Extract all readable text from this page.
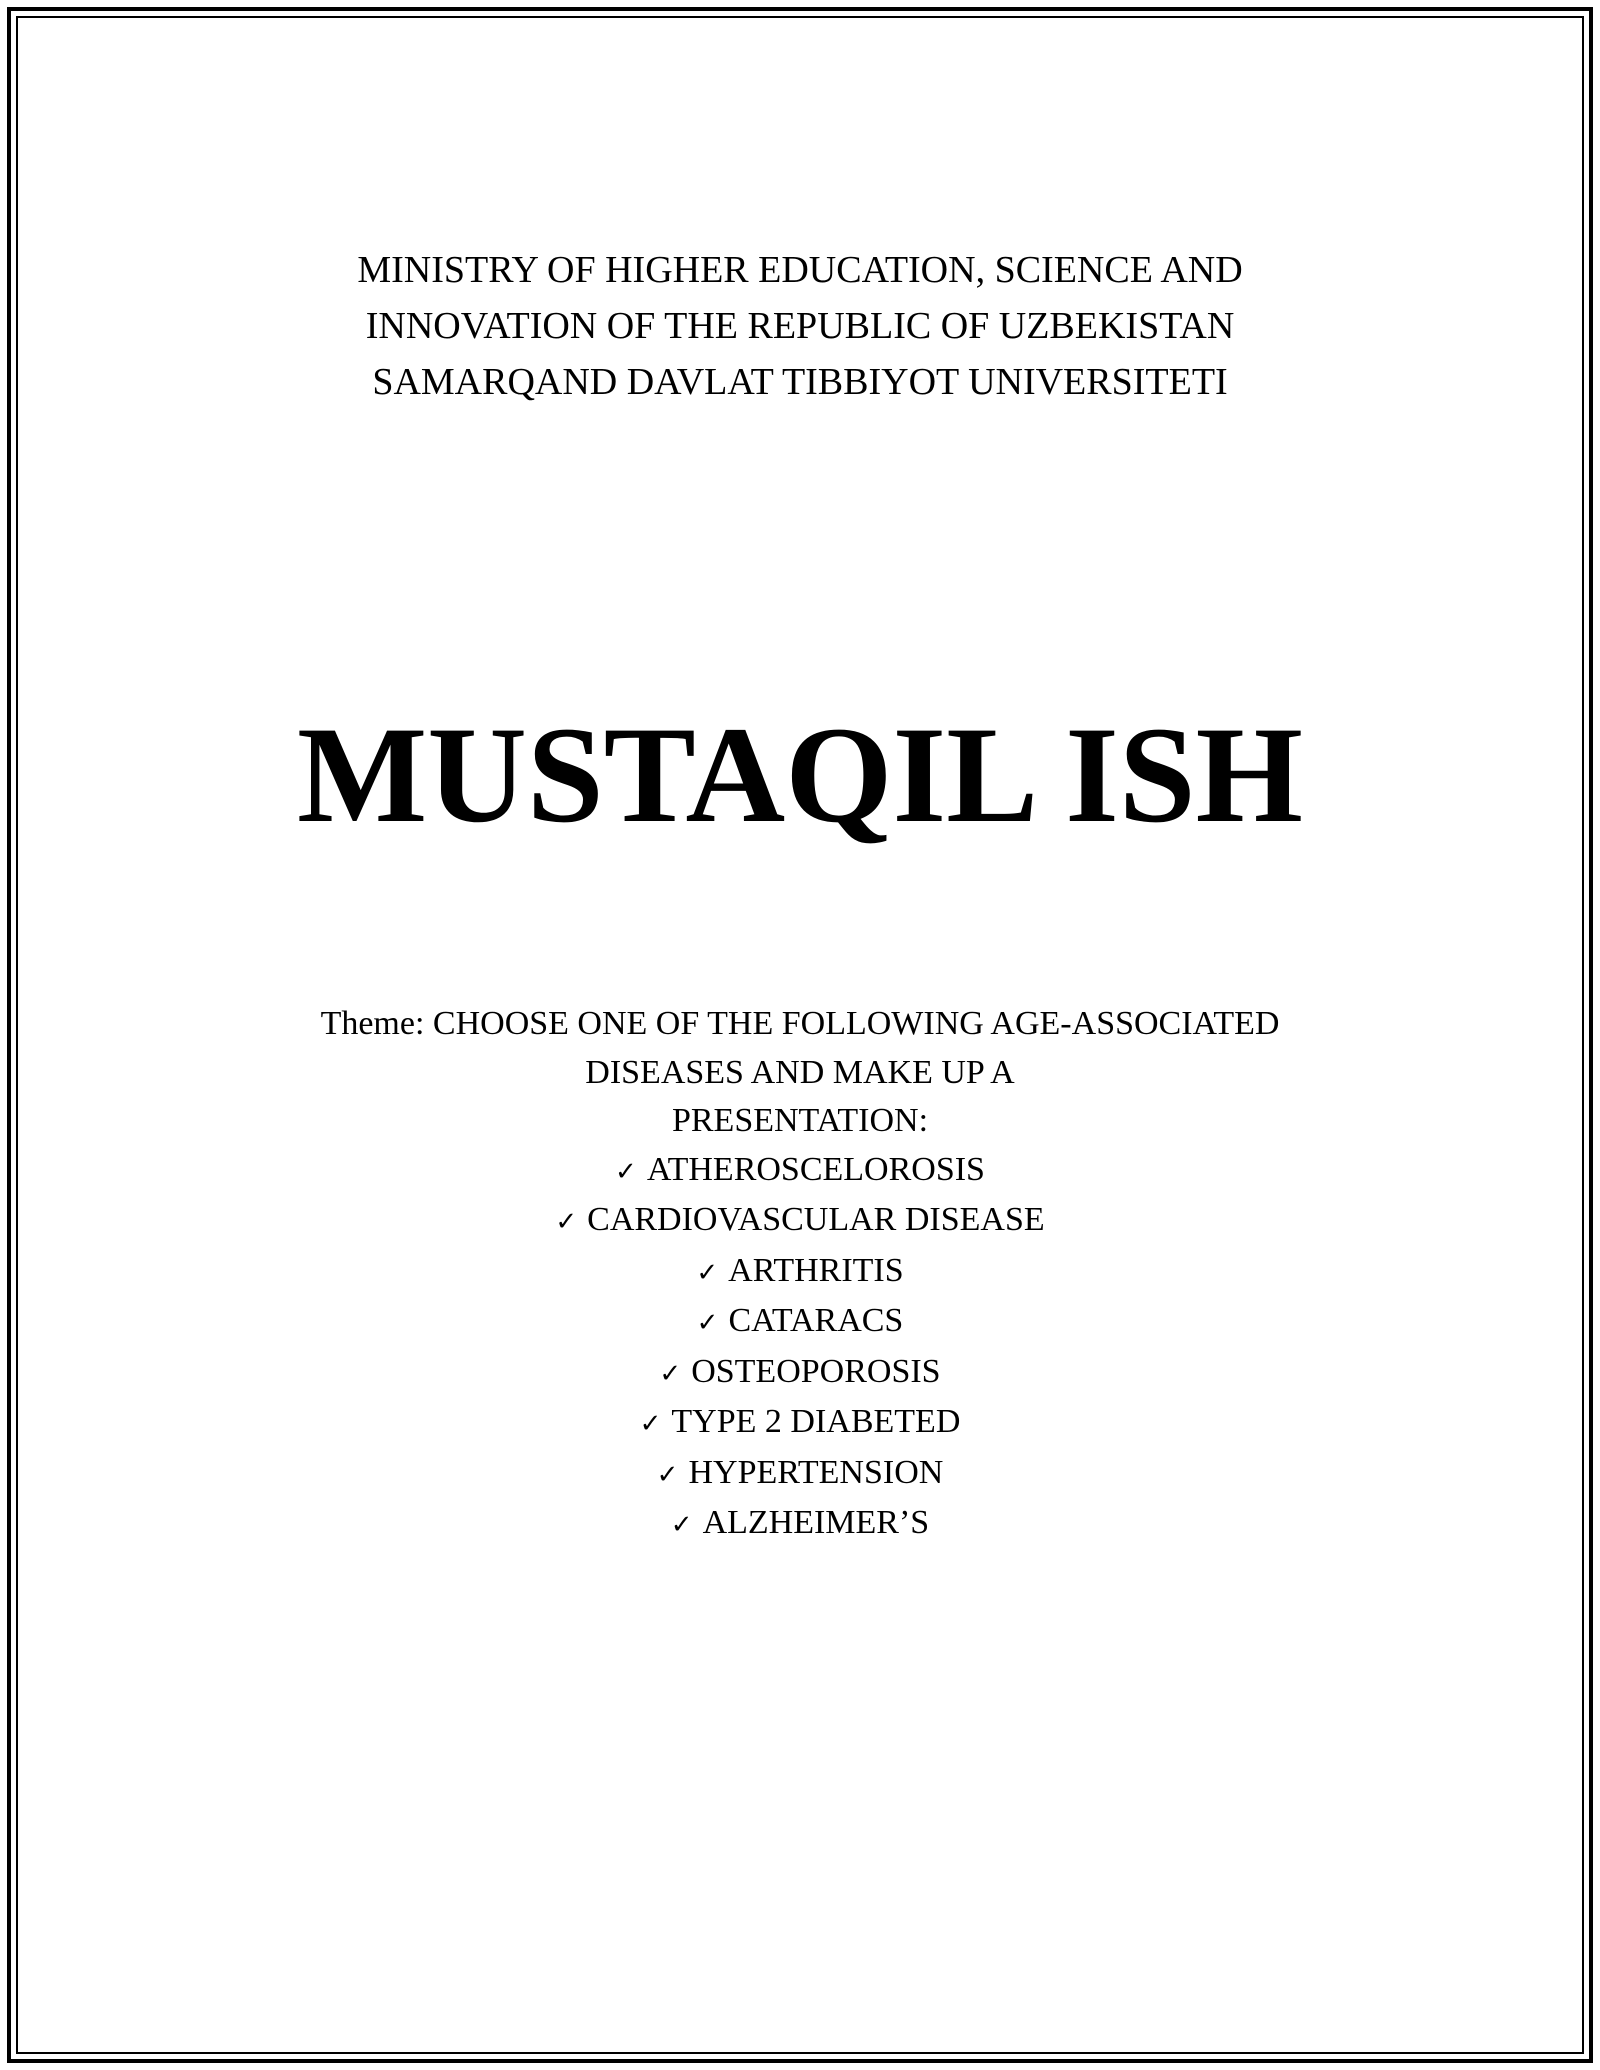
MINISTRY OF HIGHER EDUCATION, SCIENCE AND
INNOVATION OF THE REPUBLIC OF UZBEKISTAN
SAMARQAND DAVLAT TIBBIYOT UNIVERSITETI
MUSTAQIL ISH
Theme: CHOOSE ONE OF THE FOLLOWING AGE-ASSOCIATED
DISEASES AND MAKE UP A
PRESENTATION:
✓ ATHEROSCELOROSIS
✓ CARDIOVASCULAR DISEASE
✓ ARTHRITIS
✓ CATARACS
✓ OSTEOPOROSIS
✓ TYPE 2 DIABETED
✓ HYPERTENSION
✓ ALZHEIMER’S
